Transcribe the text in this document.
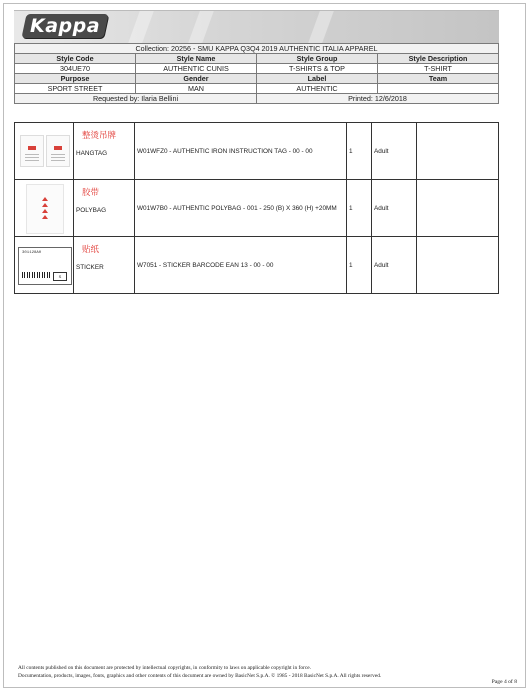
Kappa
Collection: 20256 - SMU KAPPA Q3Q4 2019 AUTHENTIC ITALIA APPAREL			
Style Code	Style Name	Style Group	Style Description
304UE70	AUTHENTIC CUNIS	T-SHIRTS & TOP	T-SHIRT
Purpose	Gender	Label	Team
SPORT STREET	MAN	AUTHENTIC	
Requested by: Ilaria Bellini		Printed: 12/6/2018	

	整烫吊牌
HANGTAG	W01WFZ0 - AUTHENTIC IRON INSTRUCTION TAG - 00 - 00	1	Adult	

	胶带
POLYBAG	W01W7B0 - AUTHENTIC POLYBAG - 001 - 250 (B) X 360 (H) +20MM	1	Adult	

301128A0
S	贴纸
STICKER	W7051 - STICKER BARCODE EAN 13 - 00 - 00	1	Adult	
All contents published on this document are protected by intellectual copyrights, in conformity to laws on applicable copyright in force.
Documentation, products, images, fonts, graphics and other contents of this document are owned by BasicNet S.p.A. © 1985 - 2018 BasicNet S.p.A. All rights reserved.
Page 4 of 8
